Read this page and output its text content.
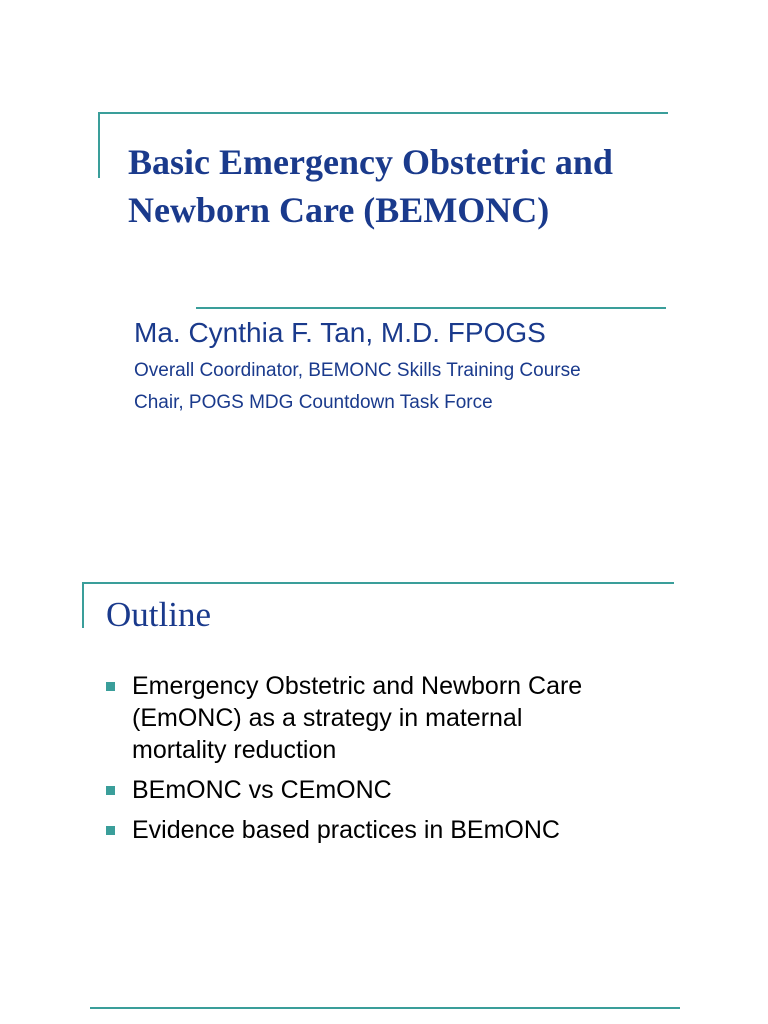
Basic Emergency Obstetric and
Newborn Care (BEMONC)

Ma. Cynthia F. Tan, M.D. FPOGS

Overall Coordinator, BEMONC Skills Training Course

Chair, POGS MDG Countdown Task Force

Outline
Emergency Obstetric and Newborn Care
(EmONC) as a strategy in maternal
mortality reduction
BEmONC vs CEmONC
Evidence based practices in BEmONC
